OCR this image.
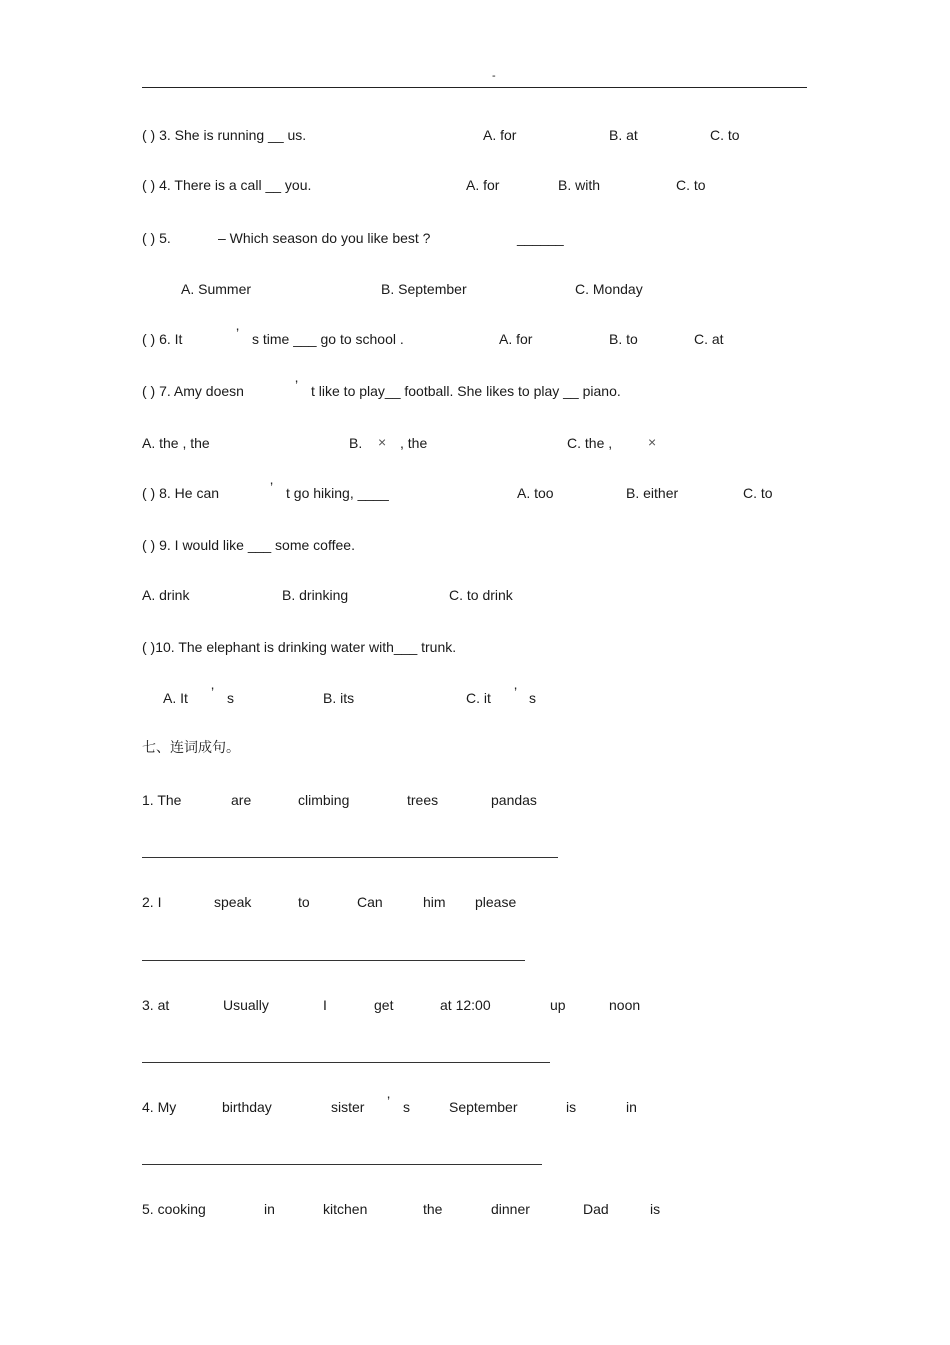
-
( ) 3. She is running __ us.	A. for	B. at	C. to
( ) 4. There is a call __ you.	A. for	B. with	C. to
( ) 5.	– Which season do you like best ?	______
A. Summer	B. September	C. Monday
( ) 6. It	’ s time ___ go to school .	A. for	B. to	C. at
( ) 7. Amy doesn	’ t like to play__ football. She likes to play __ piano.
A. the , the	B. × , the	C. the ,	×
( ) 8. He can	’ t go hiking, ____	A. too	B. either	C. to
( ) 9. I would like ___ some coffee.
A. drink	B. drinking	C. to drink
( )10. The elephant is drinking water with___ trunk.
A. It ’ s	B. its	C. it ’ s
七、连词成句。
1. The	are	climbing	trees	pandas
2. I	speak	to	Can	him please
3. at	Usually	I	get	at 12:00	up	noon
4. My	birthday	sister ’ s	September	is	in
5. cooking	in	kitchen	the	dinner	Dad	is
